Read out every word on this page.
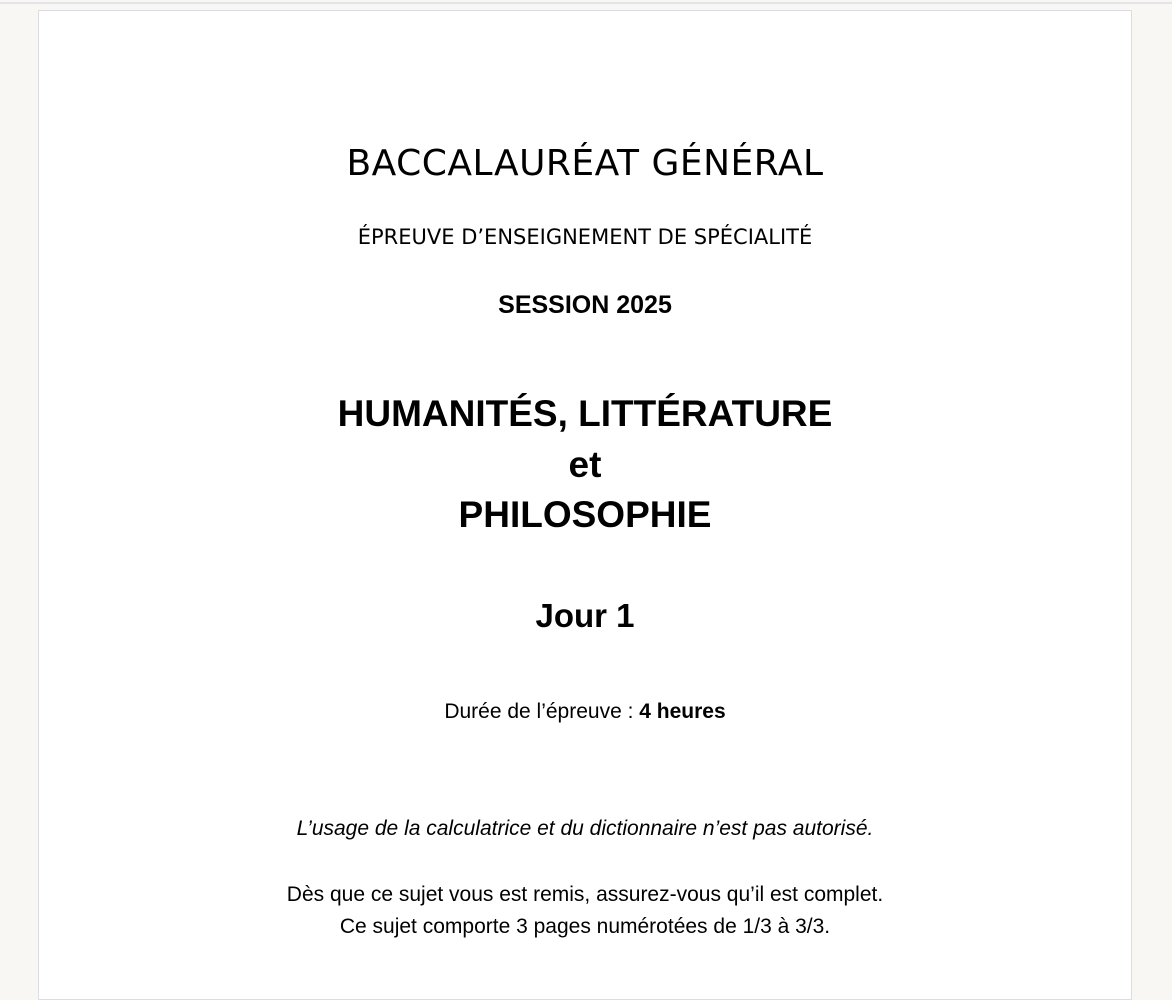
BACCALAURÉAT GÉNÉRAL
ÉPREUVE D’ENSEIGNEMENT DE SPÉCIALITÉ
SESSION 2025
HUMANITÉS, LITTÉRATURE
et
PHILOSOPHIE
Jour 1
Durée de l’épreuve : 4 heures
L’usage de la calculatrice et du dictionnaire n’est pas autorisé.
Dès que ce sujet vous est remis, assurez-vous qu’il est complet.
Ce sujet comporte 3 pages numérotées de 1/3 à 3/3.
